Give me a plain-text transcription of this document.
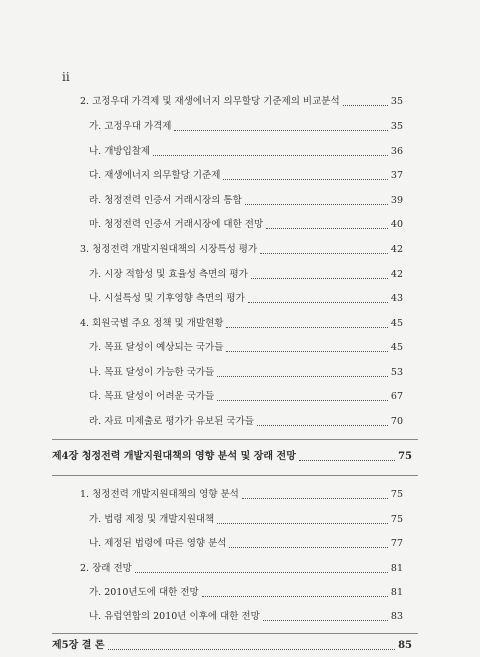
ii
2. 고정우대 가격제 및 재생에너지 의무할당 기준제의 비교분석	35
가. 고정우대 가격제	35
나. 개방입찰제	36
다. 재생에너지 의무할당 기준제	37
라. 청정전력 인증서 거래시장의 통합	39
마. 청정전력 인증서 거래시장에 대한 전망	40
3. 청정전력 개발지원대책의 시장특성 평가	42
가. 시장 적합성 및 효율성 측면의 평가	42
나. 시설특성 및 기후영향 측면의 평가	43
4. 회원국별 주요 정책 및 개발현황	45
가. 목표 달성이 예상되는 국가들	45
나. 목표 달성이 가능한 국가들	53
다. 목표 달성이 어려운 국가들	67
라. 자료 미제출로 평가가 유보된 국가들	70
제4장 청정전력 개발지원대책의 영향 분석 및 장래 전망	75
1. 청정전력 개발지원대책의 영향 분석	75
가. 법령 제정 및 개발지원대책	75
나. 제정된 법령에 따른 영향 분석	77
2. 장래 전망	81
가. 2010년도에 대한 전망	81
나. 유럽연합의 2010년 이후에 대한 전망	83
제5장 결 론	85
